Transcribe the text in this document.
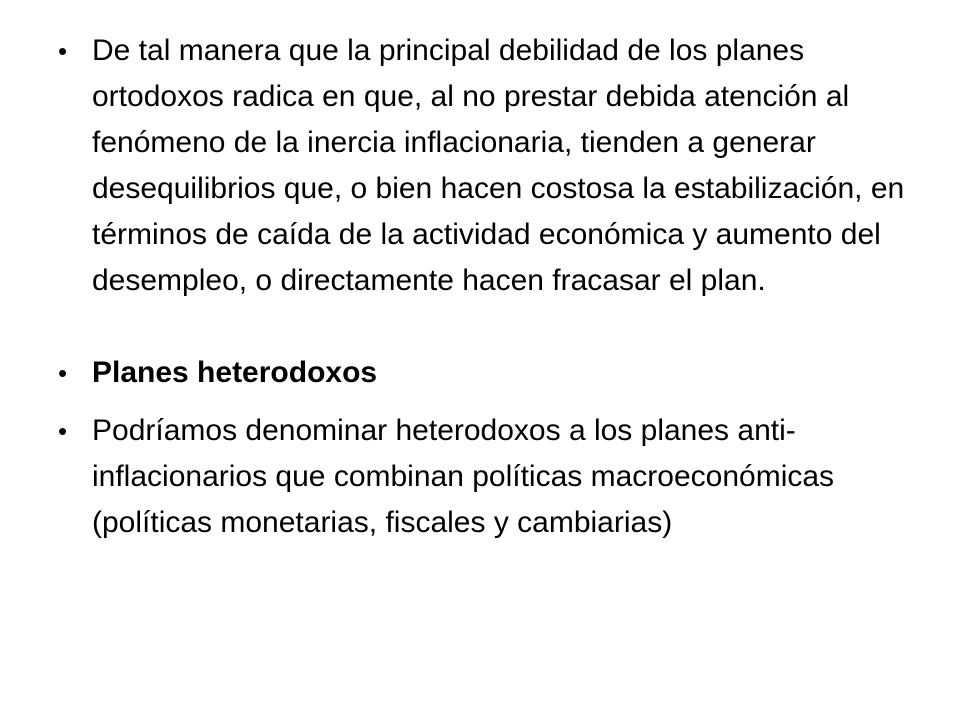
• De tal manera que la principal debilidad de los planes ortodoxos radica en que, al no prestar debida atención al fenómeno de la inercia inflacionaria, tienden a generar desequilibrios que, o bien hacen costosa la estabilización, en términos de caída de la actividad económica y aumento del desempleo, o directamente hacen fracasar el plan.
• Planes heterodoxos
• Podríamos denominar heterodoxos a los planes anti-inflacionarios que combinan políticas macroeconómicas (políticas monetarias, fiscales y cambiarias)
